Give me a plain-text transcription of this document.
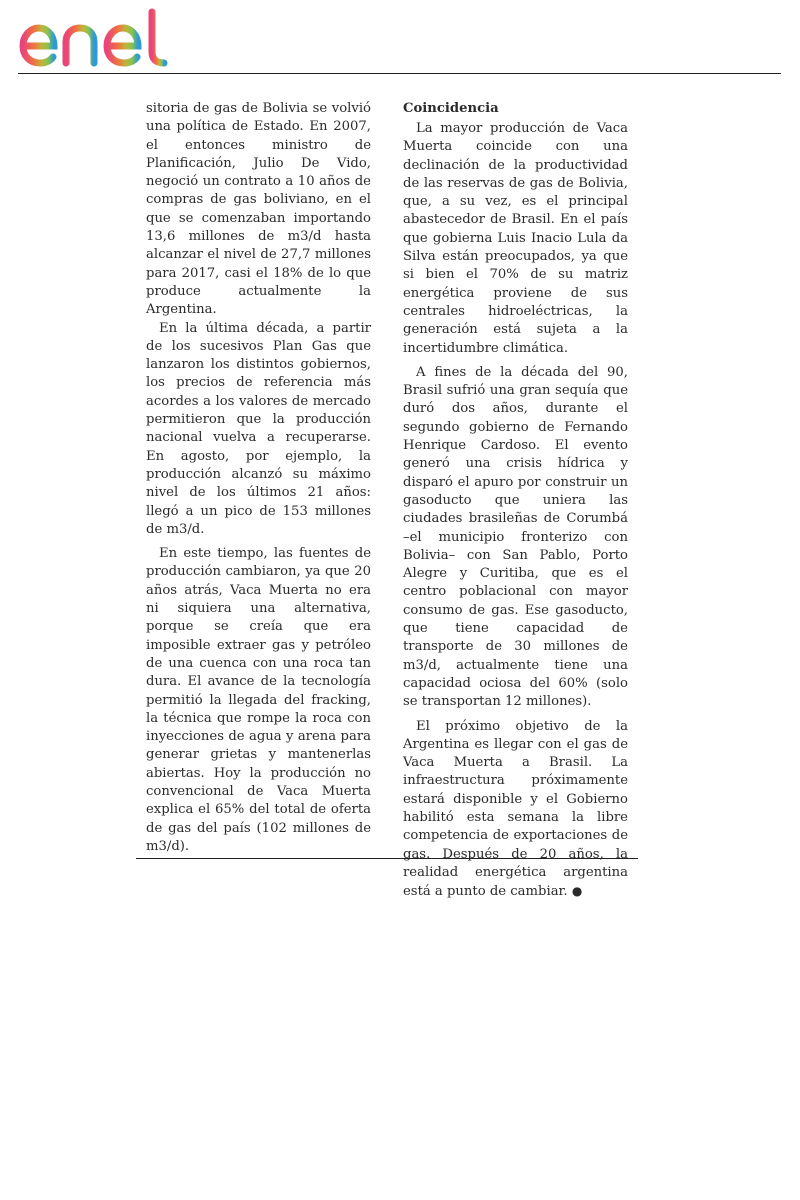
sitoria de gas de Bolivia se volvió una política de Estado. En 2007, el entonces ministro de Planificación, Julio De Vido, negoció un contrato a 10 años de compras de gas boliviano, en el que se comenzaban importando 13,6 millones de m3/d hasta alcanzar el nivel de 27,7 millones para 2017, casi el 18% de lo que produce actualmente la Argentina.

En la última década, a partir de los sucesivos Plan Gas que lanzaron los distintos gobiernos, los precios de referencia más acordes a los valores de mercado permitieron que la producción nacional vuelva a recuperarse. En agosto, por ejemplo, la producción alcanzó su máximo nivel de los últimos 21 años: llegó a un pico de 153 millones de m3/d.

En este tiempo, las fuentes de producción cambiaron, ya que 20 años atrás, Vaca Muerta no era ni siquiera una alternativa, porque se creía que era imposible extraer gas y petróleo de una cuenca con una roca tan dura. El avance de la tecnología permitió la llegada del fracking, la técnica que rompe la roca con inyecciones de agua y arena para generar grietas y mantenerlas abiertas. Hoy la producción no convencional de Vaca Muerta explica el 65% del total de oferta de gas del país (102 millones de m3/d).

Coincidencia

La mayor producción de Vaca Muerta coincide con una declinación de la productividad de las reservas de gas de Bolivia, que, a su vez, es el principal abastecedor de Brasil. En el país que gobierna Luis Inacio Lula da Silva están preocupados, ya que si bien el 70% de su matriz energética proviene de sus centrales hidroeléctricas, la generación está sujeta a la incertidumbre climática.

A fines de la década del 90, Brasil sufrió una gran sequía que duró dos años, durante el segundo gobierno de Fernando Henrique Cardoso. El evento generó una crisis hídrica y disparó el apuro por construir un gasoducto que uniera las ciudades brasileñas de Corumbá –el municipio fronterizo con Bolivia– con San Pablo, Porto Alegre y Curitiba, que es el centro poblacional con mayor consumo de gas. Ese gasoducto, que tiene capacidad de transporte de 30 millones de m3/d, actualmente tiene una capacidad ociosa del 60% (solo se transportan 12 millones).

El próximo objetivo de la Argentina es llegar con el gas de Vaca Muerta a Brasil. La infraestructura próximamente estará disponible y el Gobierno habilitó esta semana la libre competencia de exportaciones de gas. Después de 20 años, la realidad energética argentina está a punto de cambiar. ●
